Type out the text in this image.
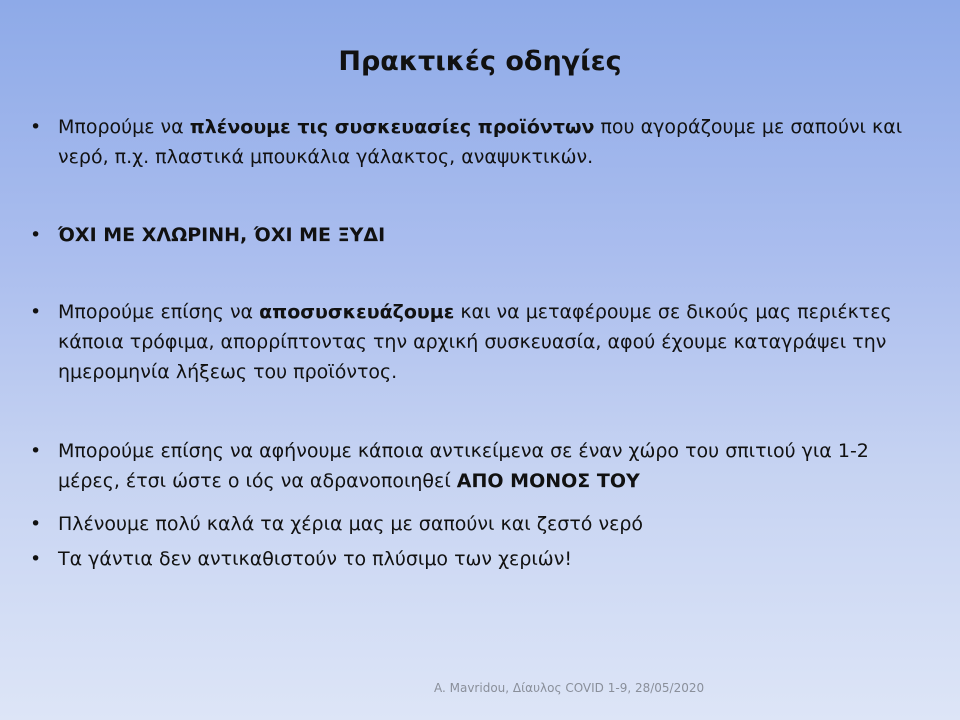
Πρακτικές οδηγίες
• Μπορούμε να πλένουμε τις συσκευασίες προϊόντων που αγοράζουμε με σαπούνι και νερό, π.χ. πλαστικά μπουκάλια γάλακτος, αναψυκτικών.
• ΌΧΙ ΜΕ ΧΛΩΡΙΝΗ, ΌΧΙ ΜΕ ΞΥΔΙ
• Μπορούμε επίσης να αποσυσκευάζουμε και να μεταφέρουμε σε δικούς μας περιέκτες κάποια τρόφιμα, απορρίπτοντας την αρχική συσκευασία, αφού έχουμε καταγράψει την ημερομηνία λήξεως του προϊόντος.
• Μπορούμε επίσης να αφήνουμε κάποια αντικείμενα σε έναν χώρο του σπιτιού για 1-2 μέρες, έτσι ώστε ο ιός να αδρανοποιηθεί ΑΠΟ ΜΟΝΟΣ ΤΟΥ
• Πλένουμε πολύ καλά τα χέρια μας με σαπούνι και ζεστό νερό
• Τα γάντια δεν αντικαθιστούν το πλύσιμο των χεριών!
A. Mavridou, Δίαυλος COVID 1-9, 28/05/2020
